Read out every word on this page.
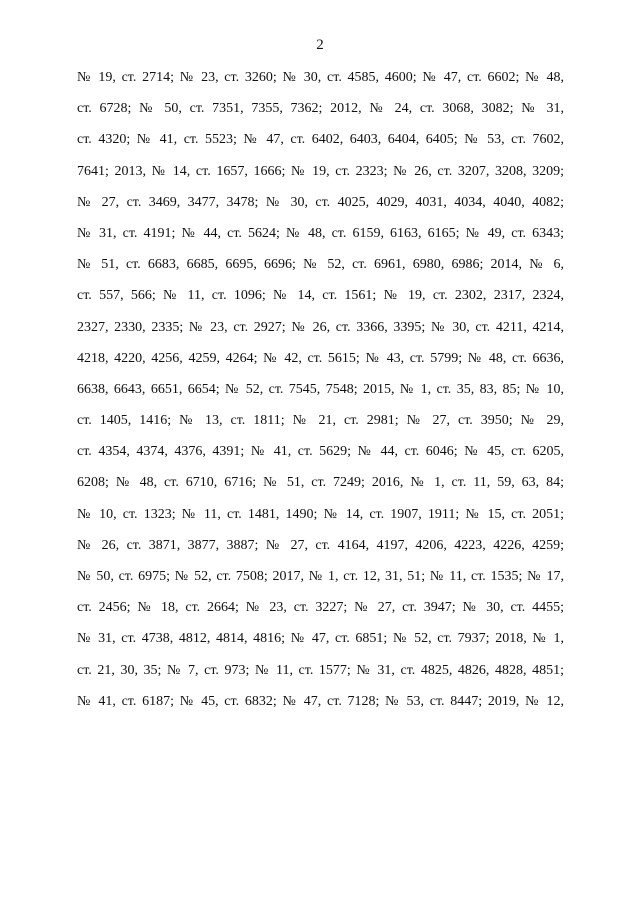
2
№ 19, ст. 2714; № 23, ст. 3260; № 30, ст. 4585, 4600; № 47, ст. 6602; № 48,
ст. 6728; № 50, ст. 7351, 7355, 7362; 2012, № 24, ст. 3068, 3082; № 31,
ст. 4320; № 41, ст. 5523; № 47, ст. 6402, 6403, 6404, 6405; № 53, ст. 7602,
7641; 2013, № 14, ст. 1657, 1666; № 19, ст. 2323; № 26, ст. 3207, 3208, 3209;
№ 27, ст. 3469, 3477, 3478; № 30, ст. 4025, 4029, 4031, 4034, 4040, 4082;
№ 31, ст. 4191; № 44, ст. 5624; № 48, ст. 6159, 6163, 6165; № 49, ст. 6343;
№ 51, ст. 6683, 6685, 6695, 6696; № 52, ст. 6961, 6980, 6986; 2014, № 6,
ст. 557, 566; № 11, ст. 1096; № 14, ст. 1561; № 19, ст. 2302, 2317, 2324,
2327, 2330, 2335; № 23, ст. 2927; № 26, ст. 3366, 3395; № 30, ст. 4211, 4214,
4218, 4220, 4256, 4259, 4264; № 42, ст. 5615; № 43, ст. 5799; № 48, ст. 6636,
6638, 6643, 6651, 6654; № 52, ст. 7545, 7548; 2015, № 1, ст. 35, 83, 85; № 10,
ст. 1405, 1416; № 13, ст. 1811; № 21, ст. 2981; № 27, ст. 3950; № 29,
ст. 4354, 4374, 4376, 4391; № 41, ст. 5629; № 44, ст. 6046; № 45, ст. 6205,
6208; № 48, ст. 6710, 6716; № 51, ст. 7249; 2016, № 1, ст. 11, 59, 63, 84;
№ 10, ст. 1323; № 11, ст. 1481, 1490; № 14, ст. 1907, 1911; № 15, ст. 2051;
№ 26, ст. 3871, 3877, 3887; № 27, ст. 4164, 4197, 4206, 4223, 4226, 4259;
№ 50, ст. 6975; № 52, ст. 7508; 2017, № 1, ст. 12, 31, 51; № 11, ст. 1535; № 17,
ст. 2456; № 18, ст. 2664; № 23, ст. 3227; № 27, ст. 3947; № 30, ст. 4455;
№ 31, ст. 4738, 4812, 4814, 4816; № 47, ст. 6851; № 52, ст. 7937; 2018, № 1,
ст. 21, 30, 35; № 7, ст. 973; № 11, ст. 1577; № 31, ст. 4825, 4826, 4828, 4851;
№ 41, ст. 6187; № 45, ст. 6832; № 47, ст. 7128; № 53, ст. 8447; 2019, № 12,
